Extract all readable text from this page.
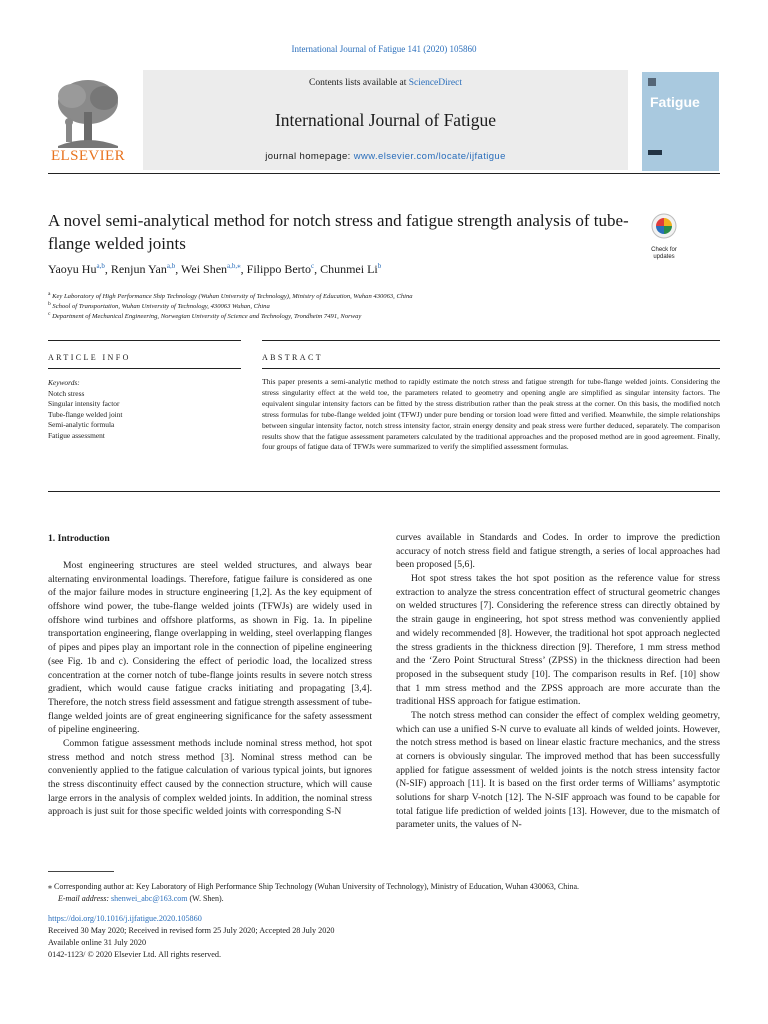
International Journal of Fatigue 141 (2020) 105860
Contents lists available at ScienceDirect
International Journal of Fatigue
journal homepage: www.elsevier.com/locate/ijfatigue
ELSEVIER
Fatigue
A novel semi-analytical method for notch stress and fatigue strength analysis of tube-flange welded joints	Check for updates
Yaoyu Hu$^{a,b}$, Renjun Yan$^{a,b}$, Wei Shen$^{a,b,⁎}$, Filippo Berto$^c$, Chunmei Li$^b$
$^a$ Key Laboratory of High Performance Ship Technology (Wuhan University of Technology), Ministry of Education, Wuhan 430063, China
$^b$ School of Transportation, Wuhan University of Technology, 430063 Wuhan, China
$^c$ Department of Mechanical Engineering, Norwegian University of Science and Technology, Trondheim 7491, Norway
ARTICLE INFO	ABSTRACT
Keywords:
Notch stress
Singular intensity factor
Tube-flange welded joint
Semi-analytic formula
Fatigue assessment
This paper presents a semi-analytic method to rapidly estimate the notch stress and fatigue strength for tube-flange welded joints. Considering the stress singularity effect at the weld toe, the parameters related to geometry and opening angle are simplified as singular intensity factors. The equivalent singular intensity factors can be fitted by the stress distribution rather than the peak stress at the corner. On this basis, the modified notch stress formulas for tube-flange welded joint (TFWJ) under pure bending or torsion load were fitted and verified. Meanwhile, the simple relationships between singular intensity factor, notch stress intensity factor, strain energy density and peak stress were further deduced, separately. The comparison results show that the fatigue assessment parameters calculated by the traditional approaches and the proposed method are in good agreement. Finally, four groups of fatigue data of TFWJs were summarized to verify the simplified assessment formulas.
1. Introduction

Most engineering structures are steel welded structures, and always bear alternating environmental loadings. Therefore, fatigue failure is considered as one of the major failure modes in structure engineering [1,2]. As the key equipment of offshore wind power, the tube-flange welded joints (TFWJs) are widely used in offshore wind turbines and offshore platforms, as shown in Fig. 1a. In pipeline transportation engineering, flange overlapping in welding, steel overlapping flanges of pipes and pipes play an important role in the connection of pipeline engineering (see Fig. 1b and c). Considering the effect of periodic load, the localized stress concentration at the corner notch of tube-flange joints results in severe notch stress gradient, which would cause fatigue cracks initiating and propagating [3,4]. Therefore, the notch stress field assessment and fatigue strength assessment of tube-flange welded joints are of great engineering significance for the safety assessment of pipeline engineering.

Common fatigue assessment methods include nominal stress method, hot spot stress method and notch stress method [3]. Nominal stress method can be conveniently applied to the fatigue calculation of various typical joints, but ignores the stress discontinuity effect caused by the connection structure, which will cause large errors in the analysis of complex welded joints. In addition, the nominal stress approach is just suit for those specific welded joints with corresponding S-N

curves available in Standards and Codes. In order to improve the prediction accuracy of notch stress field and fatigue strength, a series of local approaches had been proposed [5,6].

Hot spot stress takes the hot spot position as the reference value for stress extraction to analyze the stress concentration effect of structural geometric changes on welded structures [7]. Considering the reference stress can directly obtained by the strain gauge in engineering, hot spot stress method was conveniently applied and widely recommended [8]. However, the traditional hot spot approach neglected the stress gradients in the thickness direction [9]. Therefore, 1 mm stress method and the ‘Zero Point Structural Stress’ (ZPSS) in the thickness direction had been proposed in the subsequent study [10]. The comparison results in Ref. [10] show that 1 mm stress method and the ZPSS approach are more accurate than the traditional HSS approach for fatigue estimation.

The notch stress method can consider the effect of complex welding geometry, which can use a unified S-N curve to evaluate all kinds of welded joints. However, the notch stress method is based on linear elastic fracture mechanics, and the stress at corners is obviously singular. The improved method that has been successfully applied for fatigue assessment of welded joints is the notch stress intensity factor (N-SIF) approach [11]. It is based on the first order terms of Williams’ asymptotic solutions for sharp V-notch [12]. The N-SIF approach was found to be capable for total fatigue life prediction of welded joints [13]. However, due to the mismatch of parameter units, the values of N-

⁎ Corresponding author at: Key Laboratory of High Performance Ship Technology (Wuhan University of Technology), Ministry of Education, Wuhan 430063, China.
E-mail address: shenwei_abc@163.com (W. Shen).
https://doi.org/10.1016/j.ijfatigue.2020.105860
Received 30 May 2020; Received in revised form 25 July 2020; Accepted 28 July 2020
Available online 31 July 2020
0142-1123/ © 2020 Elsevier Ltd. All rights reserved.
